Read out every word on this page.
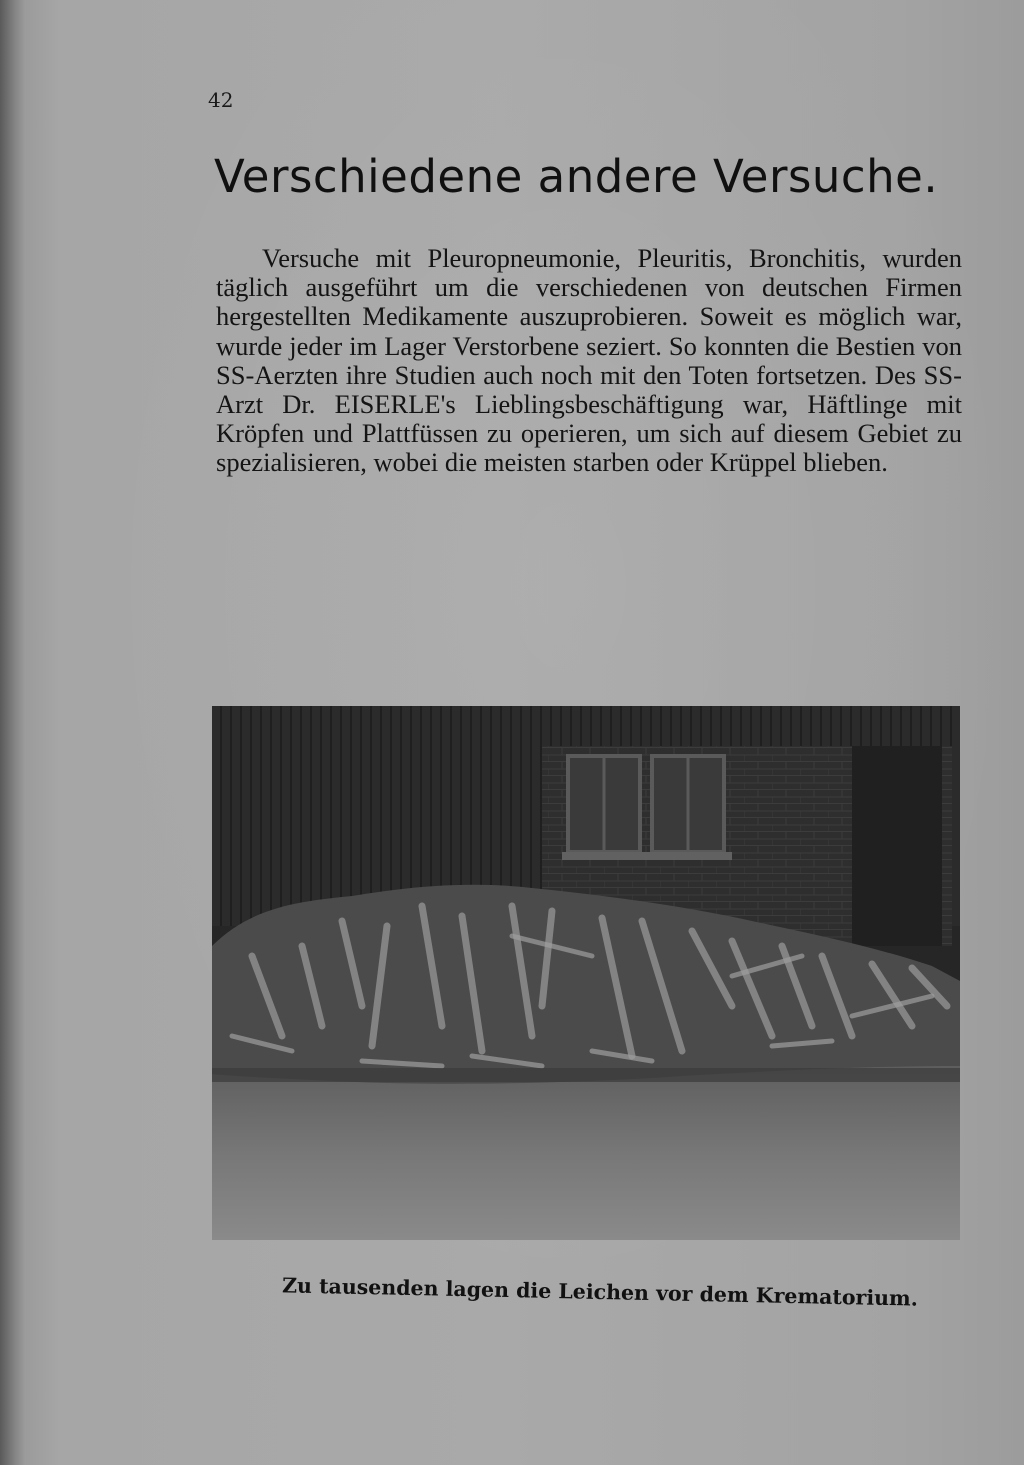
42
Verschiedene andere Versuche.

Versuche mit Pleuropneumonie, Pleuritis, Bronchitis, wurden täglich ausgeführt um die verschiedenen von deutschen Firmen hergestellten Medikamente auszuprobieren. Soweit es möglich war, wurde jeder im Lager Verstorbene seziert. So konnten die Bestien von SS-Aerzten ihre Studien auch noch mit den Toten fortsetzen. Des SS-Arzt Dr. EISERLE's Lieblingsbeschäftigung war, Häftlinge mit Kröpfen und Plattfüssen zu operieren, um sich auf diesem Gebiet zu spezialisieren, wobei die meisten starben oder Krüppel blieben.

Zu tausenden lagen die Leichen vor dem Krematorium.
